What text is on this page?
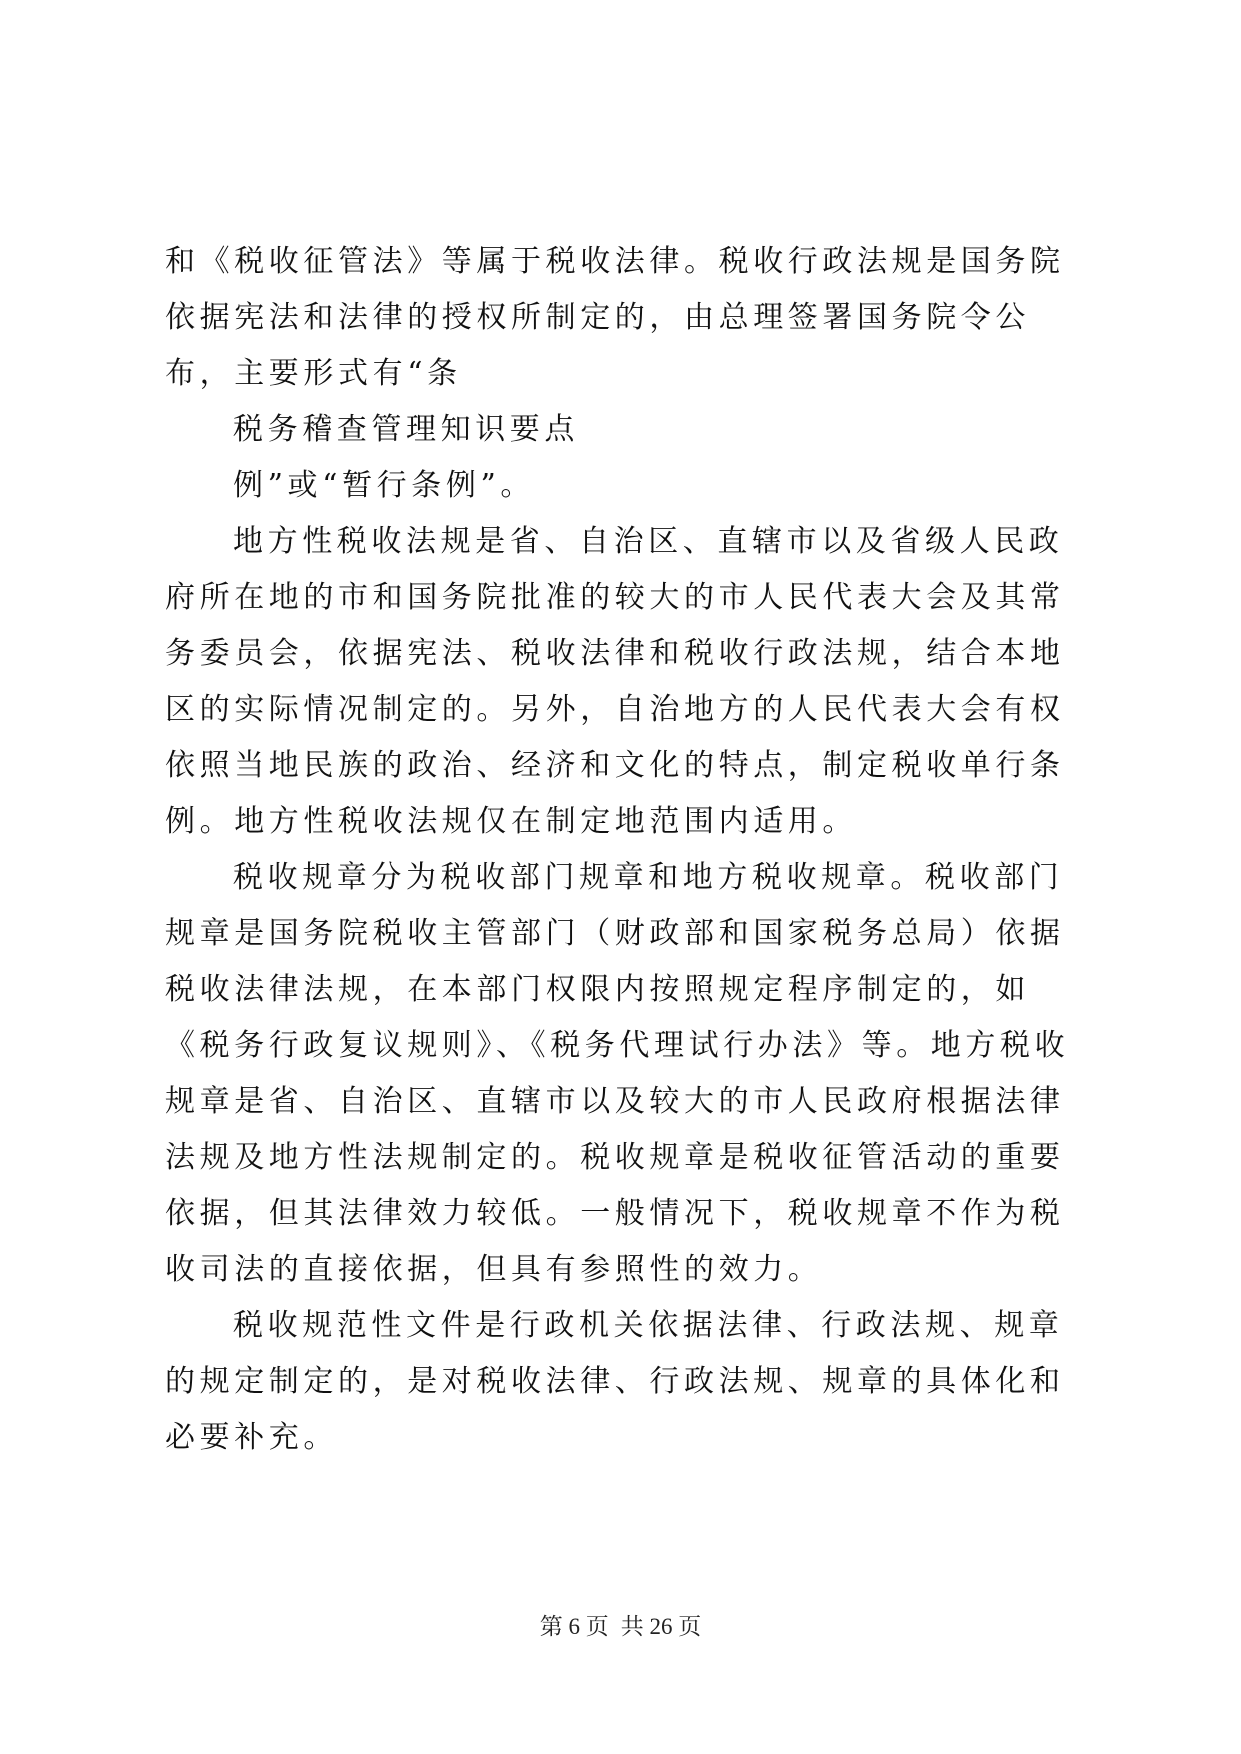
和《税收征管法》等属于税收法律。税收行政法规是国务院依据宪法和法律的授权所制定的，由总理签署国务院令公布，主要形式有“条

税务稽查管理知识要点

例”或“暂行条例”。

地方性税收法规是省、自治区、直辖市以及省级人民政府所在地的市和国务院批准的较大的市人民代表大会及其常务委员会，依据宪法、税收法律和税收行政法规，结合本地区的实际情况制定的。另外，自治地方的人民代表大会有权依照当地民族的政治、经济和文化的特点，制定税收单行条例。地方性税收法规仅在制定地范围内适用。

税收规章分为税收部门规章和地方税收规章。税收部门规章是国务院税收主管部门（财政部和国家税务总局）依据税收法律法规，在本部门权限内按照规定程序制定的，如《税务行政复议规则》、《税务代理试行办法》等。地方税收规章是省、自治区、直辖市以及较大的市人民政府根据法律法规及地方性法规制定的。税收规章是税收征管活动的重要依据，但其法律效力较低。一般情况下，税收规章不作为税收司法的直接依据，但具有参照性的效力。

税收规范性文件是行政机关依据法律、行政法规、规章的规定制定的，是对税收法律、行政法规、规章的具体化和必要补充。

第 6 页 共 26 页
